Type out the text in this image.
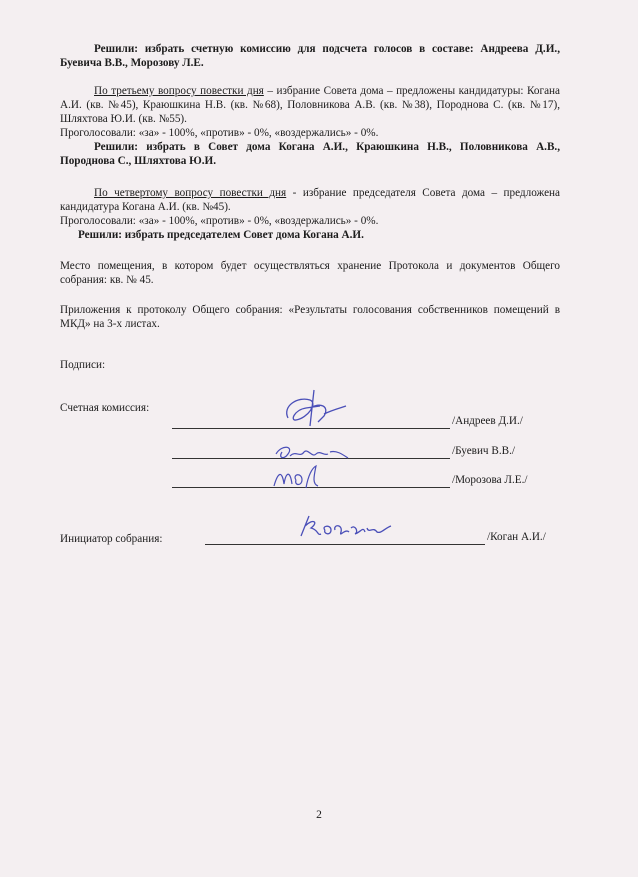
Решили: избрать счетную комиссию для подсчета голосов в составе: Андреева Д.И., Буевича В.В., Морозову Л.Е.

По третьему вопросу повестки дня – избрание Совета дома – предложены кандидатуры: Когана А.И. (кв. №45), Краюшкина Н.В. (кв. №68), Половникова А.В. (кв. №38), Породнова С. (кв. №17), Шляхтова Ю.И. (кв. №55).

Проголосовали: «за» - 100%, «против» - 0%, «воздержались» - 0%.

Решили: избрать в Совет дома Когана А.И., Краюшкина Н.В., Половникова А.В., Породнова С., Шляхтова Ю.И.

По четвертому вопросу повестки дня - избрание председателя Совета дома – предложена кандидатура Когана А.И. (кв. №45).

Проголосовали: «за» - 100%, «против» - 0%, «воздержались» - 0%.

Решили: избрать председателем Совет дома Когана А.И.

Место помещения, в котором будет осуществляться хранение Протокола и документов Общего собрания: кв. № 45.

Приложения к протоколу Общего собрания: «Результаты голосования собственников помещений в МКД» на 3-х листах.

Подписи:
Счетная комиссия:
/Андреев Д.И./
/Буевич В.В./
/Морозова Л.Е./
Инициатор собрания:	/Коган А.И./
2
